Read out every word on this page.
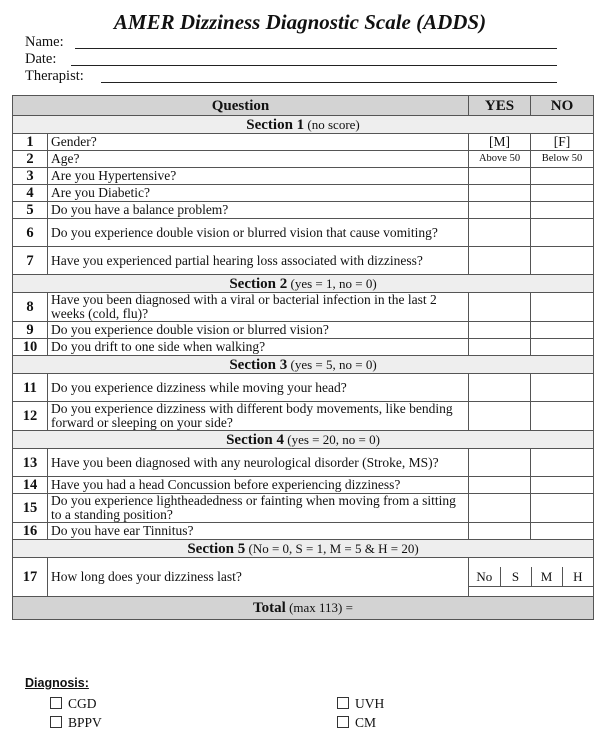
AMER Dizziness Diagnostic Scale (ADDS)
Name:
Date:
Therapist:
Question	YES	NO
Section 1 (no score)
1	Gender?	[M]	[F]
2	Age?	Above 50	Below 50
3	Are you Hypertensive?		
4	Are you Diabetic?		
5	Do you have a balance problem?		
6	Do you experience double vision or blurred vision that cause vomiting?		
7	Have you experienced partial hearing loss associated with dizziness?		
Section 2 (yes = 1, no = 0)
8	Have you been diagnosed with a viral or bacterial infection in the last 2 weeks (cold, flu)?		
9	Do you experience double vision or blurred vision?		
10	Do you drift to one side when walking?		
Section 3 (yes = 5, no = 0)
11	Do you experience dizziness while moving your head?		
12	Do you experience dizziness with different body movements, like bending forward or sleeping on your side?		
Section 4 (yes = 20, no = 0)
13	Have you been diagnosed with any neurological disorder (Stroke, MS)?		
14	Have you had a head Concussion before experiencing dizziness?		
15	Do you experience lightheadedness or fainting when moving from a sitting to a standing position?		
16	Do you have ear Tinnitus?		
Section 5 (No = 0, S = 1, M = 5 & H = 20)
17	How long does your dizziness last?		No	S	M	H

Total (max 113) =
Diagnosis:
CGD	UVH
BPPV	CM
